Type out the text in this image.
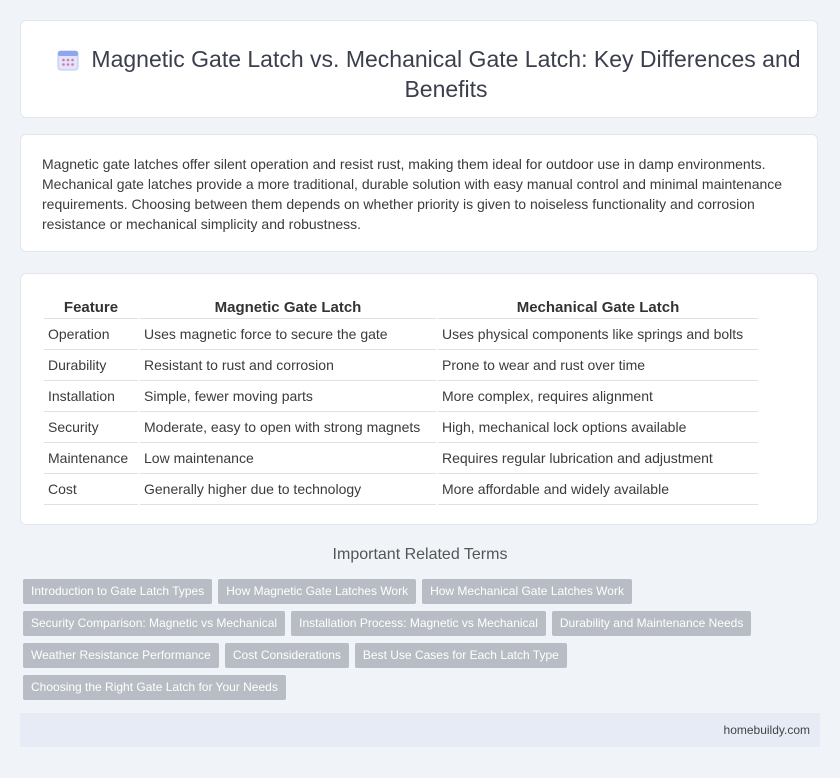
Magnetic Gate Latch vs. Mechanical Gate Latch: Key Differences and Benefits

Magnetic gate latches offer silent operation and resist rust, making them ideal for outdoor use in damp environments. Mechanical gate latches provide a more traditional, durable solution with easy manual control and minimal maintenance requirements. Choosing between them depends on whether priority is given to noiseless functionality and corrosion resistance or mechanical simplicity and robustness.

Feature	Magnetic Gate Latch	Mechanical Gate Latch
Operation	Uses magnetic force to secure the gate	Uses physical components like springs and bolts
Durability	Resistant to rust and corrosion	Prone to wear and rust over time
Installation	Simple, fewer moving parts	More complex, requires alignment
Security	Moderate, easy to open with strong magnets	High, mechanical lock options available
Maintenance	Low maintenance	Requires regular lubrication and adjustment
Cost	Generally higher due to technology	More affordable and widely available
Important Related Terms
Introduction to Gate Latch Types How Magnetic Gate Latches Work How Mechanical Gate Latches Work
Security Comparison: Magnetic vs Mechanical Installation Process: Magnetic vs Mechanical Durability and Maintenance Needs
Weather Resistance Performance Cost Considerations Best Use Cases for Each Latch Type
Choosing the Right Gate Latch for Your Needs
homebuildy.com
